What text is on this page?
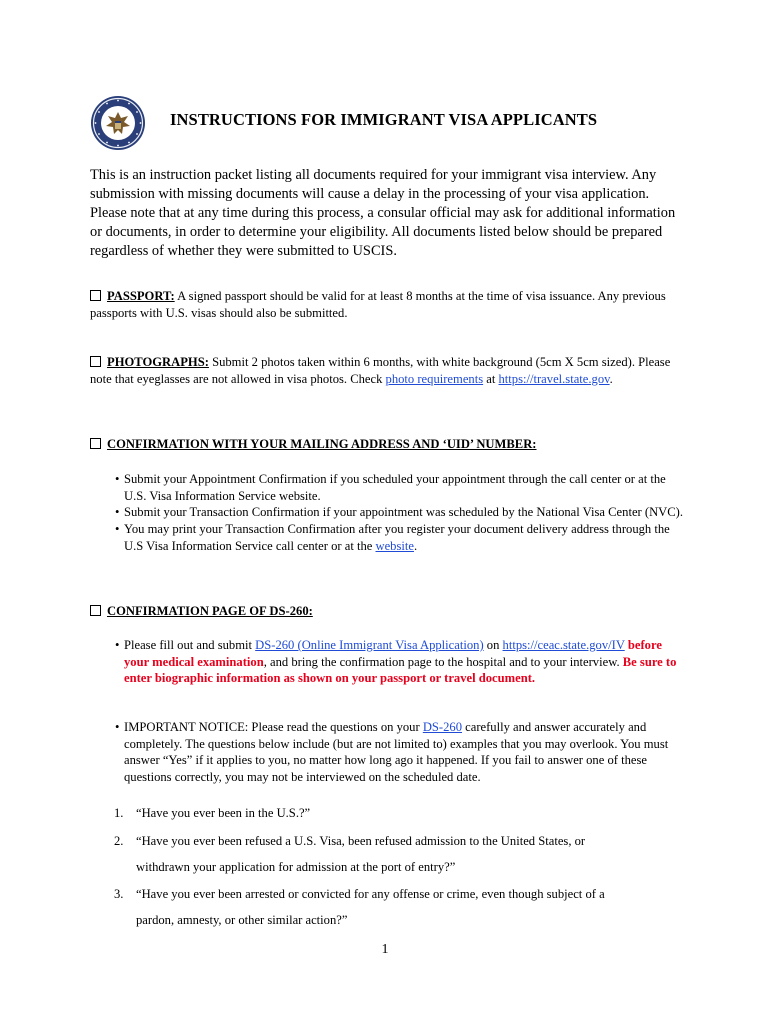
INSTRUCTIONS FOR IMMIGRANT VISA APPLICANTS

This is an instruction packet listing all documents required for your immigrant visa interview. Any submission with missing documents will cause a delay in the processing of your visa application. Please note that at any time during this process, a consular official may ask for additional information or documents, in order to determine your eligibility. All documents listed below should be prepared regardless of whether they were submitted to USCIS.

PASSPORT: A signed passport should be valid for at least 8 months at the time of visa issuance. Any previous passports with U.S. visas should also be submitted.

PHOTOGRAPHS: Submit 2 photos taken within 6 months, with white background (5cm X 5cm sized). Please note that eyeglasses are not allowed in visa photos. Check photo requirements at https://travel.state.gov.

CONFIRMATION WITH YOUR MAILING ADDRESS AND ‘UID’ NUMBER:

• Submit your Appointment Confirmation if you scheduled your appointment through the call center or at the U.S. Visa Information Service website.
• Submit your Transaction Confirmation if your appointment was scheduled by the National Visa Center (NVC).
• You may print your Transaction Confirmation after you register your document delivery address through the U.S Visa Information Service call center or at the website.

CONFIRMATION PAGE OF DS-260:

• Please fill out and submit DS-260 (Online Immigrant Visa Application) on https://ceac.state.gov/IV before your medical examination, and bring the confirmation page to the hospital and to your interview. Be sure to enter biographic information as shown on your passport or travel document.
• IMPORTANT NOTICE: Please read the questions on your DS-260 carefully and answer accurately and completely. The questions below include (but are not limited to) examples that you may overlook. You must answer “Yes” if it applies to you, no matter how long ago it happened. If you fail to answer one of these questions correctly, you may not be interviewed on the scheduled date.
1. “Have you ever been in the U.S.?”
2. “Have you ever been refused a U.S. Visa, been refused admission to the United States, or
withdrawn your application for admission at the port of entry?”
3. “Have you ever been arrested or convicted for any offense or crime, even though subject of a
pardon, amnesty, or other similar action?”
1
